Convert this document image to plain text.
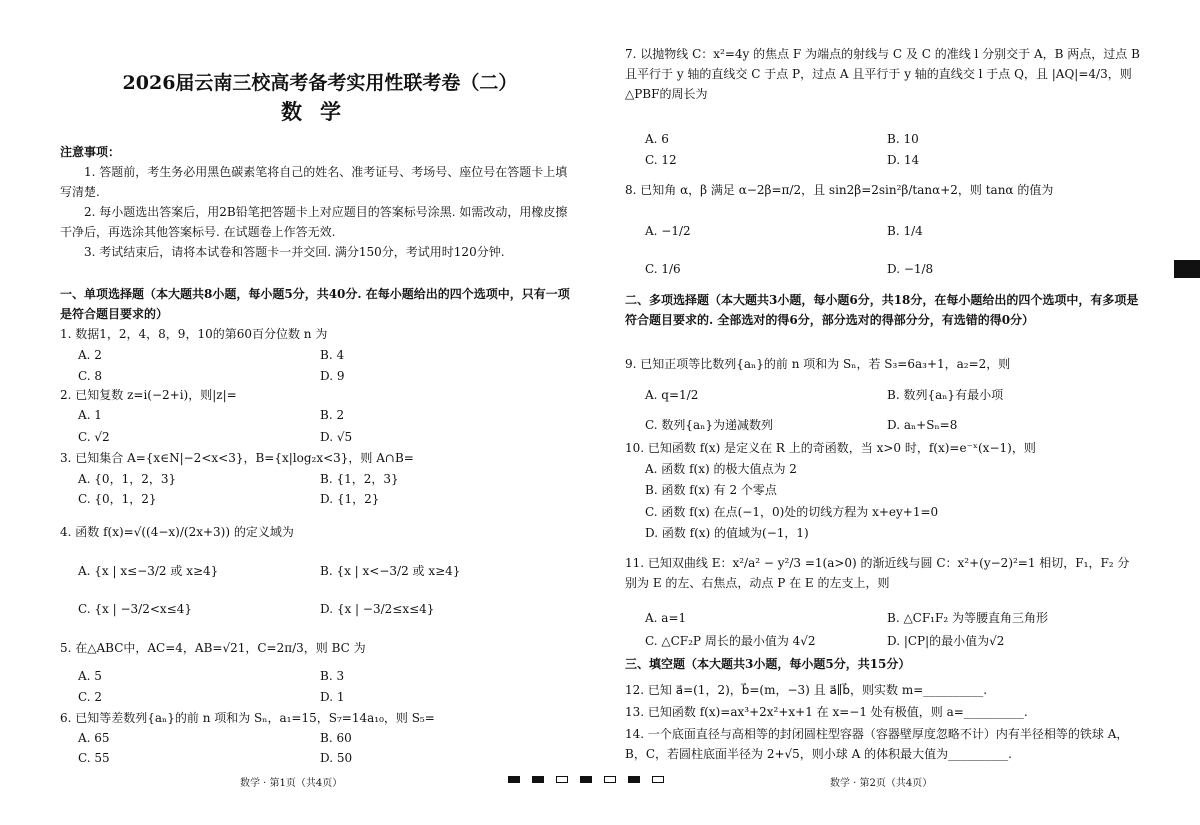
2026届云南三校高考备考实用性联考卷（二）
数学
注意事项：
1. 答题前，考生务必用黑色碳素笔将自己的姓名、准考证号、考场号、座位号在答题卡上填写清楚.
2. 每小题选出答案后，用2B铅笔把答题卡上对应题目的答案标号涂黑. 如需改动，用橡皮擦干净后，再选涂其他答案标号. 在试题卷上作答无效.
3. 考试结束后，请将本试卷和答题卡一并交回. 满分150分，考试用时120分钟.
一、单项选择题（本大题共8小题，每小题5分，共40分. 在每小题给出的四个选项中，只有一项是符合题目要求的）
1. 数据1，2，4，8，9，10的第60百分位数 n 为
A. 2	B. 4
C. 8	D. 9
2. 已知复数 z=i(−2+i)，则|z|=
A. 1	B. 2
C. √2	D. √5
3. 已知集合 A={x∈N|−2<x<3}，B={x|log₂x<3}，则 A∩B=
A. {0，1，2，3}	B. {1，2，3}
C. {0，1，2}	D. {1，2}
4. 函数 f(x)=√((4−x)/(2x+3)) 的定义域为
A. {x | x≤−3/2 或 x≥4}	B. {x | x<−3/2 或 x≥4}
C. {x | −3/2<x≤4}	D. {x | −3/2≤x≤4}
5. 在△ABC中，AC=4，AB=√21，C=2π/3，则 BC 为
A. 5	B. 3
C. 2	D. 1
6. 已知等差数列{aₙ}的前 n 项和为 Sₙ，a₁=15，S₇=14a₁₀，则 S₅=
A. 65	B. 60
C. 55	D. 50
数学 · 第1页（共4页）
7. 以抛物线 C：x²=4y 的焦点 F 为端点的射线与 C 及 C 的准线 l 分别交于 A，B 两点，过点 B 且平行于 y 轴的直线交 C 于点 P，过点 A 且平行于 y 轴的直线交 l 于点 Q，且 |AQ|=4/3，则△PBF的周长为
A. 6	B. 10
C. 12	D. 14
8. 已知角 α，β 满足 α−2β=π/2，且 sin2β=2sin²β/tanα+2，则 tanα 的值为
A. −1/2	B. 1/4
C. 1/6	D. −1/8
二、多项选择题（本大题共3小题，每小题6分，共18分，在每小题给出的四个选项中，有多项是符合题目要求的. 全部选对的得6分，部分选对的得部分分，有选错的得0分）
9. 已知正项等比数列{aₙ}的前 n 项和为 Sₙ，若 S₃=6a₃+1，a₂=2，则
A. q=1/2	B. 数列{aₙ}有最小项
C. 数列{aₙ}为递减数列	D. aₙ+Sₙ=8
10. 已知函数 f(x) 是定义在 R 上的奇函数，当 x>0 时，f(x)=e⁻ˣ(x−1)，则
A. 函数 f(x) 的极大值点为 2
B. 函数 f(x) 有 2 个零点
C. 函数 f(x) 在点(−1，0)处的切线方程为 x+ey+1=0
D. 函数 f(x) 的值域为(−1，1)
11. 已知双曲线 E：x²/a² − y²/3 =1(a>0) 的渐近线与圆 C：x²+(y−2)²=1 相切，F₁，F₂ 分别为 E 的左、右焦点，动点 P 在 E 的左支上，则
A. a=1	B. △CF₁F₂ 为等腰直角三角形
C. △CF₂P 周长的最小值为 4√2	D. |CP|的最小值为√2
三、填空题（本大题共3小题，每小题5分，共15分）
12. 已知 a⃗=(1，2)，b⃗=(m，−3) 且 a⃗∥b⃗，则实数 m=__________.
13. 已知函数 f(x)=ax³+2x²+x+1 在 x=−1 处有极值，则 a=__________.
14. 一个底面直径与高相等的封闭圆柱型容器（容器壁厚度忽略不计）内有半径相等的铁球 A，B，C，若圆柱底面半径为 2+√5，则小球 A 的体积最大值为__________.
数学 · 第2页（共4页）
